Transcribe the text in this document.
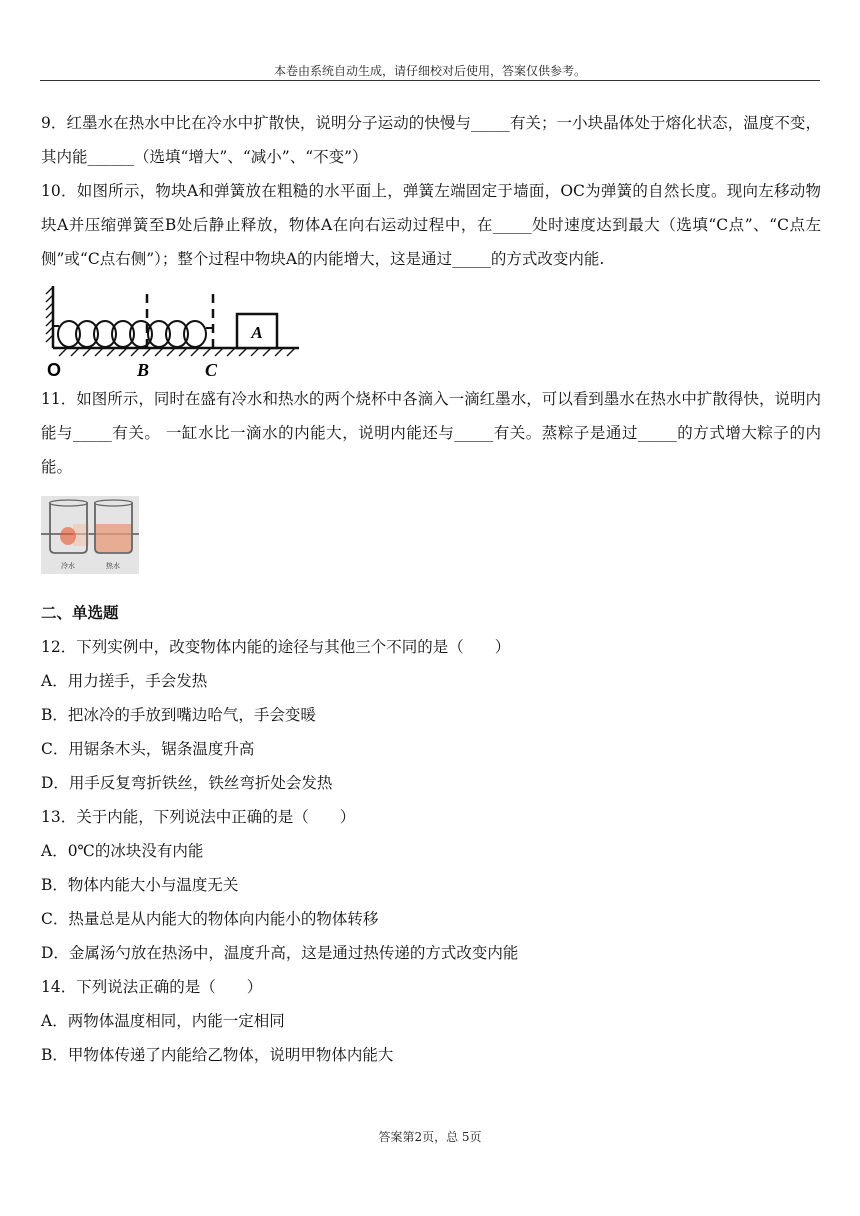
本卷由系统自动生成，请仔细校对后使用，答案仅供参考。

9．红墨水在热水中比在冷水中扩散快，说明分子运动的快慢与_____有关；一小块晶体处于熔化状态，温度不变，其内能______（选填“增大”、“减小”、“不变”）

10．如图所示，物块A和弹簧放在粗糙的水平面上，弹簧左端固定于墙面，OC为弹簧的自然长度。现向左移动物块A并压缩弹簧至B处后静止释放，物体A在向右运动过程中，在_____处时速度达到最大（选填“C点”、“C点左侧”或“C点右侧”）；整个过程中物块A的内能增大，这是通过_____的方式改变内能.

A
O	B	C

11．如图所示，同时在盛有冷水和热水的两个烧杯中各滴入一滴红墨水，可以看到墨水在热水中扩散得快，说明内能与_____有关。 一缸水比一滴水的内能大，说明内能还与_____有关。蒸粽子是通过_____的方式增大粽子的内能。

冷水	热水

二、单选题

12．下列实例中，改变物体内能的途径与其他三个不同的是（　　）

A．用力搓手，手会发热

B．把冰冷的手放到嘴边哈气，手会变暖

C．用锯条木头，锯条温度升高

D．用手反复弯折铁丝，铁丝弯折处会发热

13．关于内能，下列说法中正确的是（　　）

A．0℃的冰块没有内能

B．物体内能大小与温度无关

C．热量总是从内能大的物体向内能小的物体转移

D．金属汤勺放在热汤中，温度升高，这是通过热传递的方式改变内能

14．下列说法正确的是（　　）

A．两物体温度相同，内能一定相同

B．甲物体传递了内能给乙物体，说明甲物体内能大

答案第2页，总 5页
